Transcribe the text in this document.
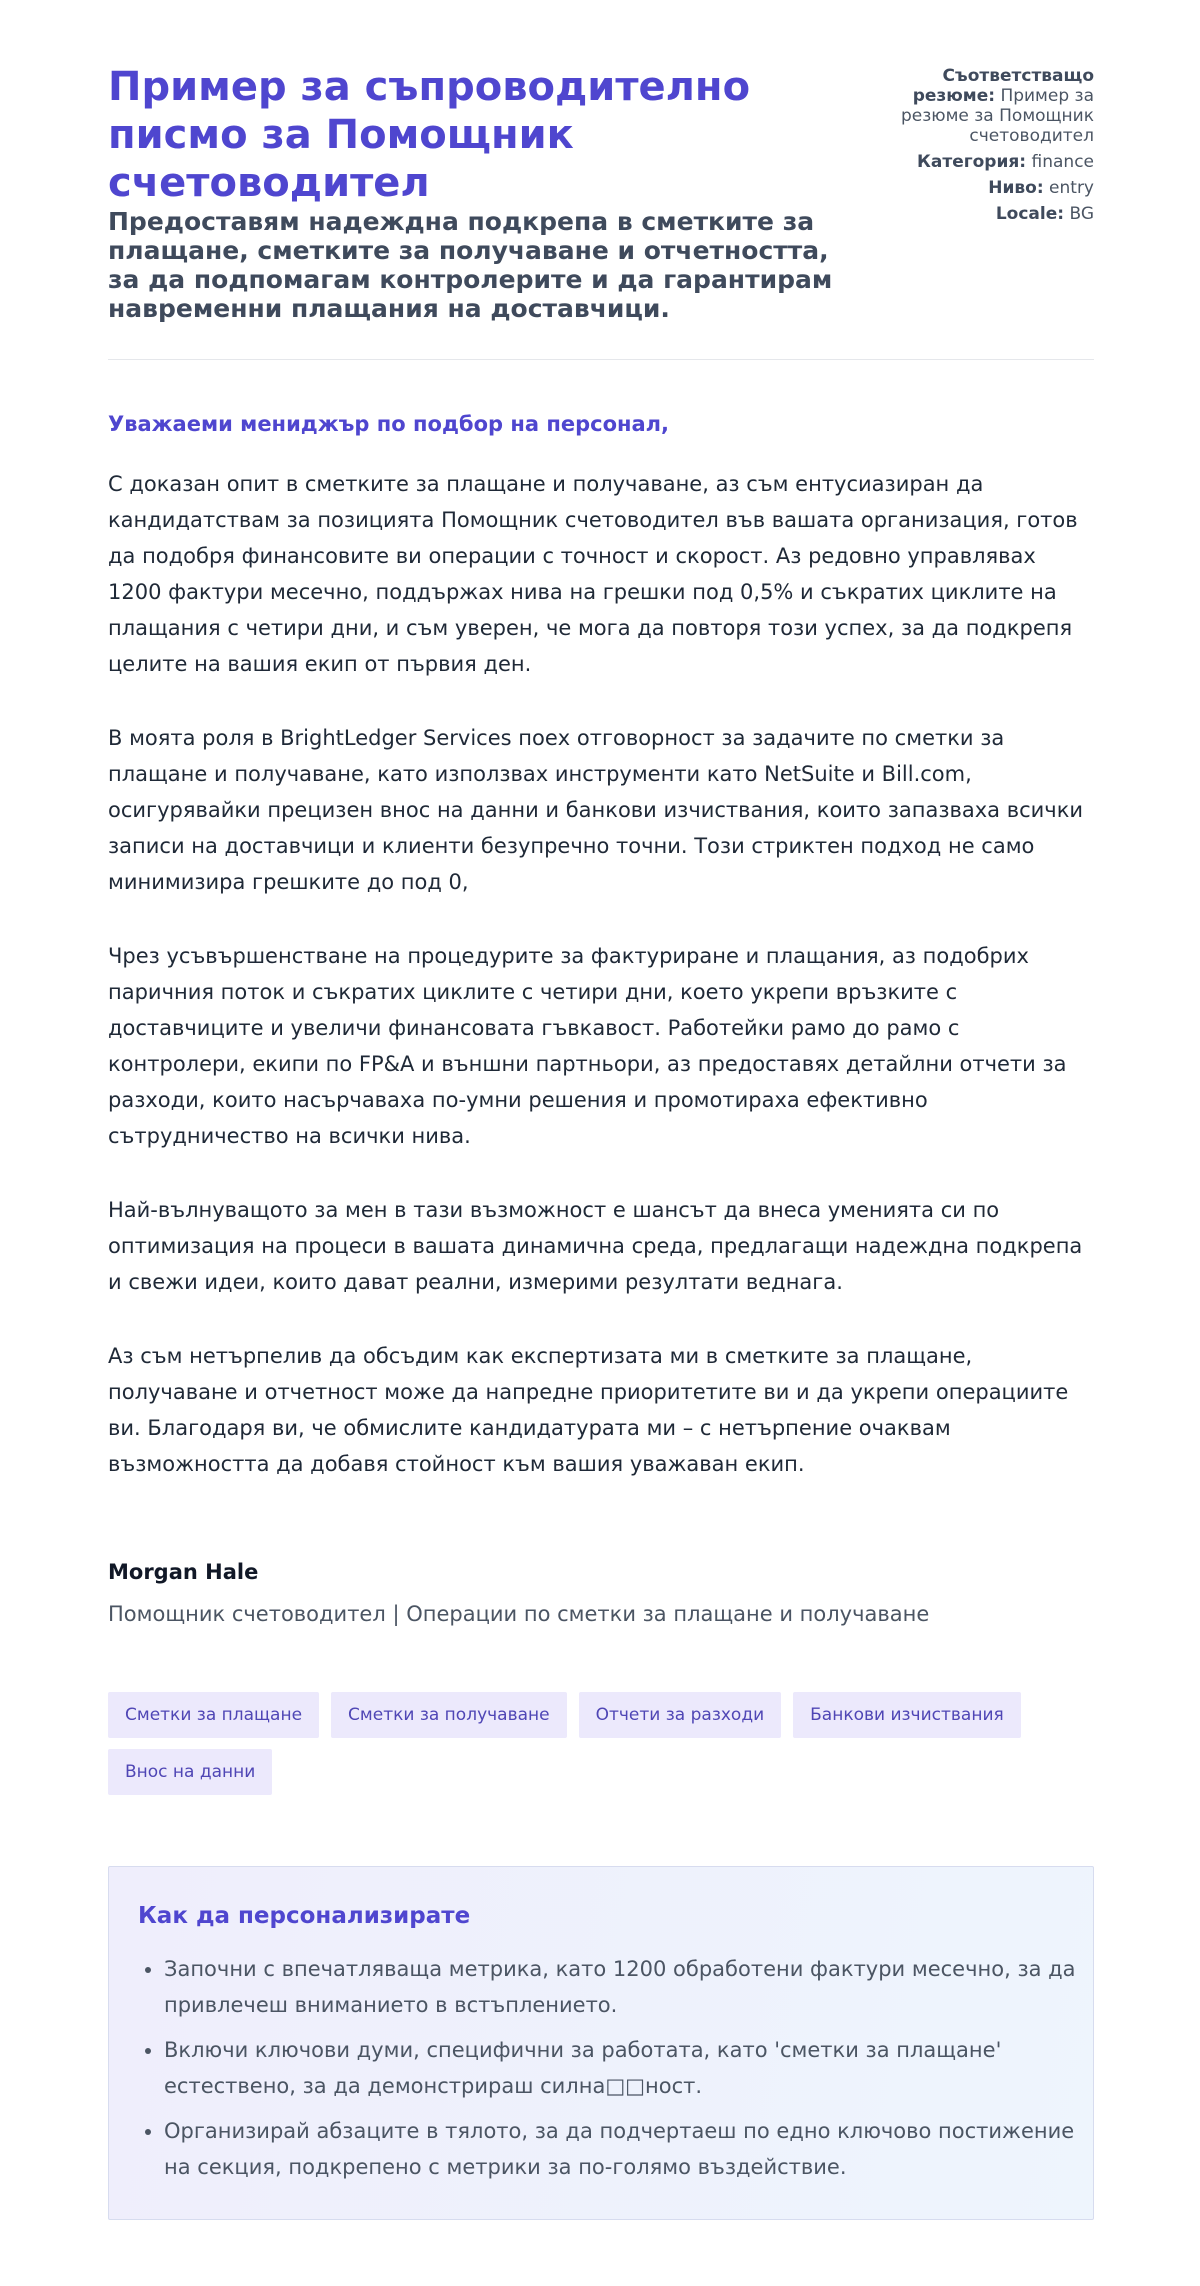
Пример за съпроводително писмо за Помощник счетоводител
Предоставям надеждна подкрепа в сметките за плащане, сметките за получаване и отчетността, за да подпомагам контролерите и да гарантирам навременни плащания на доставчици.
Съответстващо резюме: Пример за резюме за Помощник счетоводител
Категория: finance
Ниво: entry
Locale: BG

Уважаеми мениджър по подбор на персонал,

С доказан опит в сметките за плащане и получаване, аз съм ентусиазиран да кандидатствам за позицията Помощник счетоводител във вашата организация, готов да подобря финансовите ви операции с точност и скорост. Аз редовно управлявах 1200 фактури месечно, поддържах нива на грешки под 0,5% и съкратих циклите на плащания с четири дни, и съм уверен, че мога да повторя този успех, за да подкрепя целите на вашия екип от първия ден.

В моята роля в BrightLedger Services поех отговорност за задачите по сметки за плащане и получаване, като използвах инструменти като NetSuite и Bill.com, осигурявайки прецизен внос на данни и банкови изчиствания, които запазваха всички записи на доставчици и клиенти безупречно точни. Този стриктен подход не само минимизира грешките до под 0,

Чрез усъвършенстване на процедурите за фактуриране и плащания, аз подобрих паричния поток и съкратих циклите с четири дни, което укрепи връзките с доставчиците и увеличи финансовата гъвкавост. Работейки рамо до рамо с контролери, екипи по FP&A и външни партньори, аз предоставях детайлни отчети за разходи, които насърчаваха по-умни решения и промотираха ефективно сътрудничество на всички нива.

Най-вълнуващото за мен в тази възможност е шансът да внеса уменията си по оптимизация на процеси в вашата динамична среда, предлагащи надеждна подкрепа и свежи идеи, които дават реални, измерими резултати веднага.

Аз съм нетърпелив да обсъдим как експертизата ми в сметките за плащане, получаване и отчетност може да напредне приоритетите ви и да укрепи операциите ви. Благодаря ви, че обмислите кандидатурата ми – с нетърпение очаквам възможността да добавя стойност към вашия уважаван екип.

Morgan Hale

Помощник счетоводител | Операции по сметки за плащане и получаване

Сметки за плащане	Сметки за получаване	Отчети за разходи	Банкови изчиствания
Внос на данни
Как да персонализирате
• Започни с впечатляваща метрика, като 1200 обработени фактури месечно, за да привлечеш вниманието в встъплението.
• Включи ключови думи, специфични за работата, като 'сметки за плащане' естествено, за да демонстрираш силна□□ност.
• Организирай абзаците в тялото, за да подчертаеш по едно ключово постижение на секция, подкрепено с метрики за по-голямо въздействие.
